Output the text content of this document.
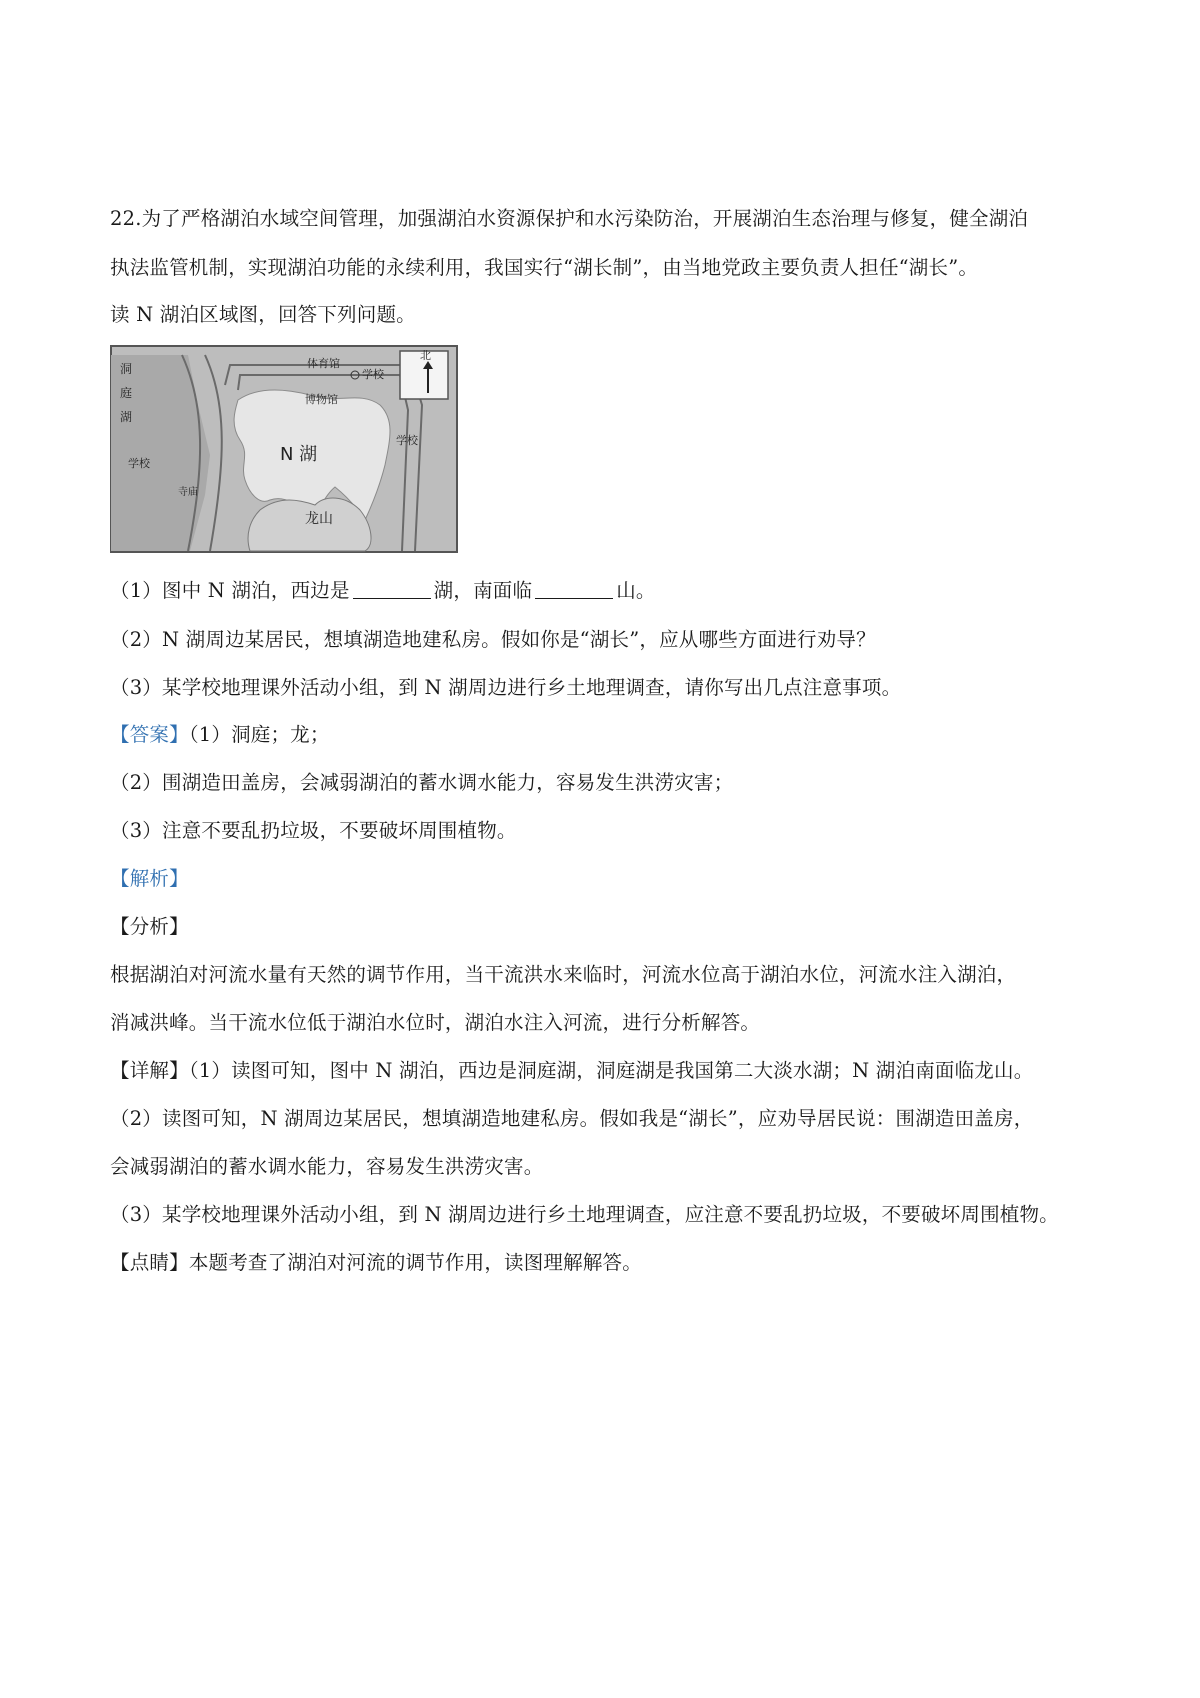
22.为了严格湖泊水域空间管理，加强湖泊水资源保护和水污染防治，开展湖泊生态治理与修复，健全湖泊
执法监管机制，实现湖泊功能的永续利用，我国实行“湖长制”，由当地党政主要负责人担任“湖长”。
读 N 湖泊区域图，回答下列问题。
洞
庭
湖
体育馆
学校
博物馆
学校
学校
寺庙
N 湖
龙山
北
（1）图中 N 湖泊，西边是	湖，南面临	山。
（2）N 湖周边某居民，想填湖造地建私房。假如你是“湖长”，应从哪些方面进行劝导？
（3）某学校地理课外活动小组，到 N 湖周边进行乡土地理调查，请你写出几点注意事项。
【答案】（1）洞庭；龙；
（2）围湖造田盖房，会减弱湖泊的蓄水调水能力，容易发生洪涝灾害；
（3）注意不要乱扔垃圾，不要破坏周围植物。
【解析】
【分析】
根据湖泊对河流水量有天然的调节作用，当干流洪水来临时，河流水位高于湖泊水位，河流水注入湖泊，
消减洪峰。当干流水位低于湖泊水位时，湖泊水注入河流，进行分析解答。
【详解】（1）读图可知，图中 N 湖泊，西边是洞庭湖，洞庭湖是我国第二大淡水湖；N 湖泊南面临龙山。
（2）读图可知，N 湖周边某居民，想填湖造地建私房。假如我是“湖长”，应劝导居民说：围湖造田盖房，
会减弱湖泊的蓄水调水能力，容易发生洪涝灾害。
（3）某学校地理课外活动小组，到 N 湖周边进行乡土地理调查，应注意不要乱扔垃圾，不要破坏周围植物。
【点睛】本题考查了湖泊对河流的调节作用，读图理解解答。
